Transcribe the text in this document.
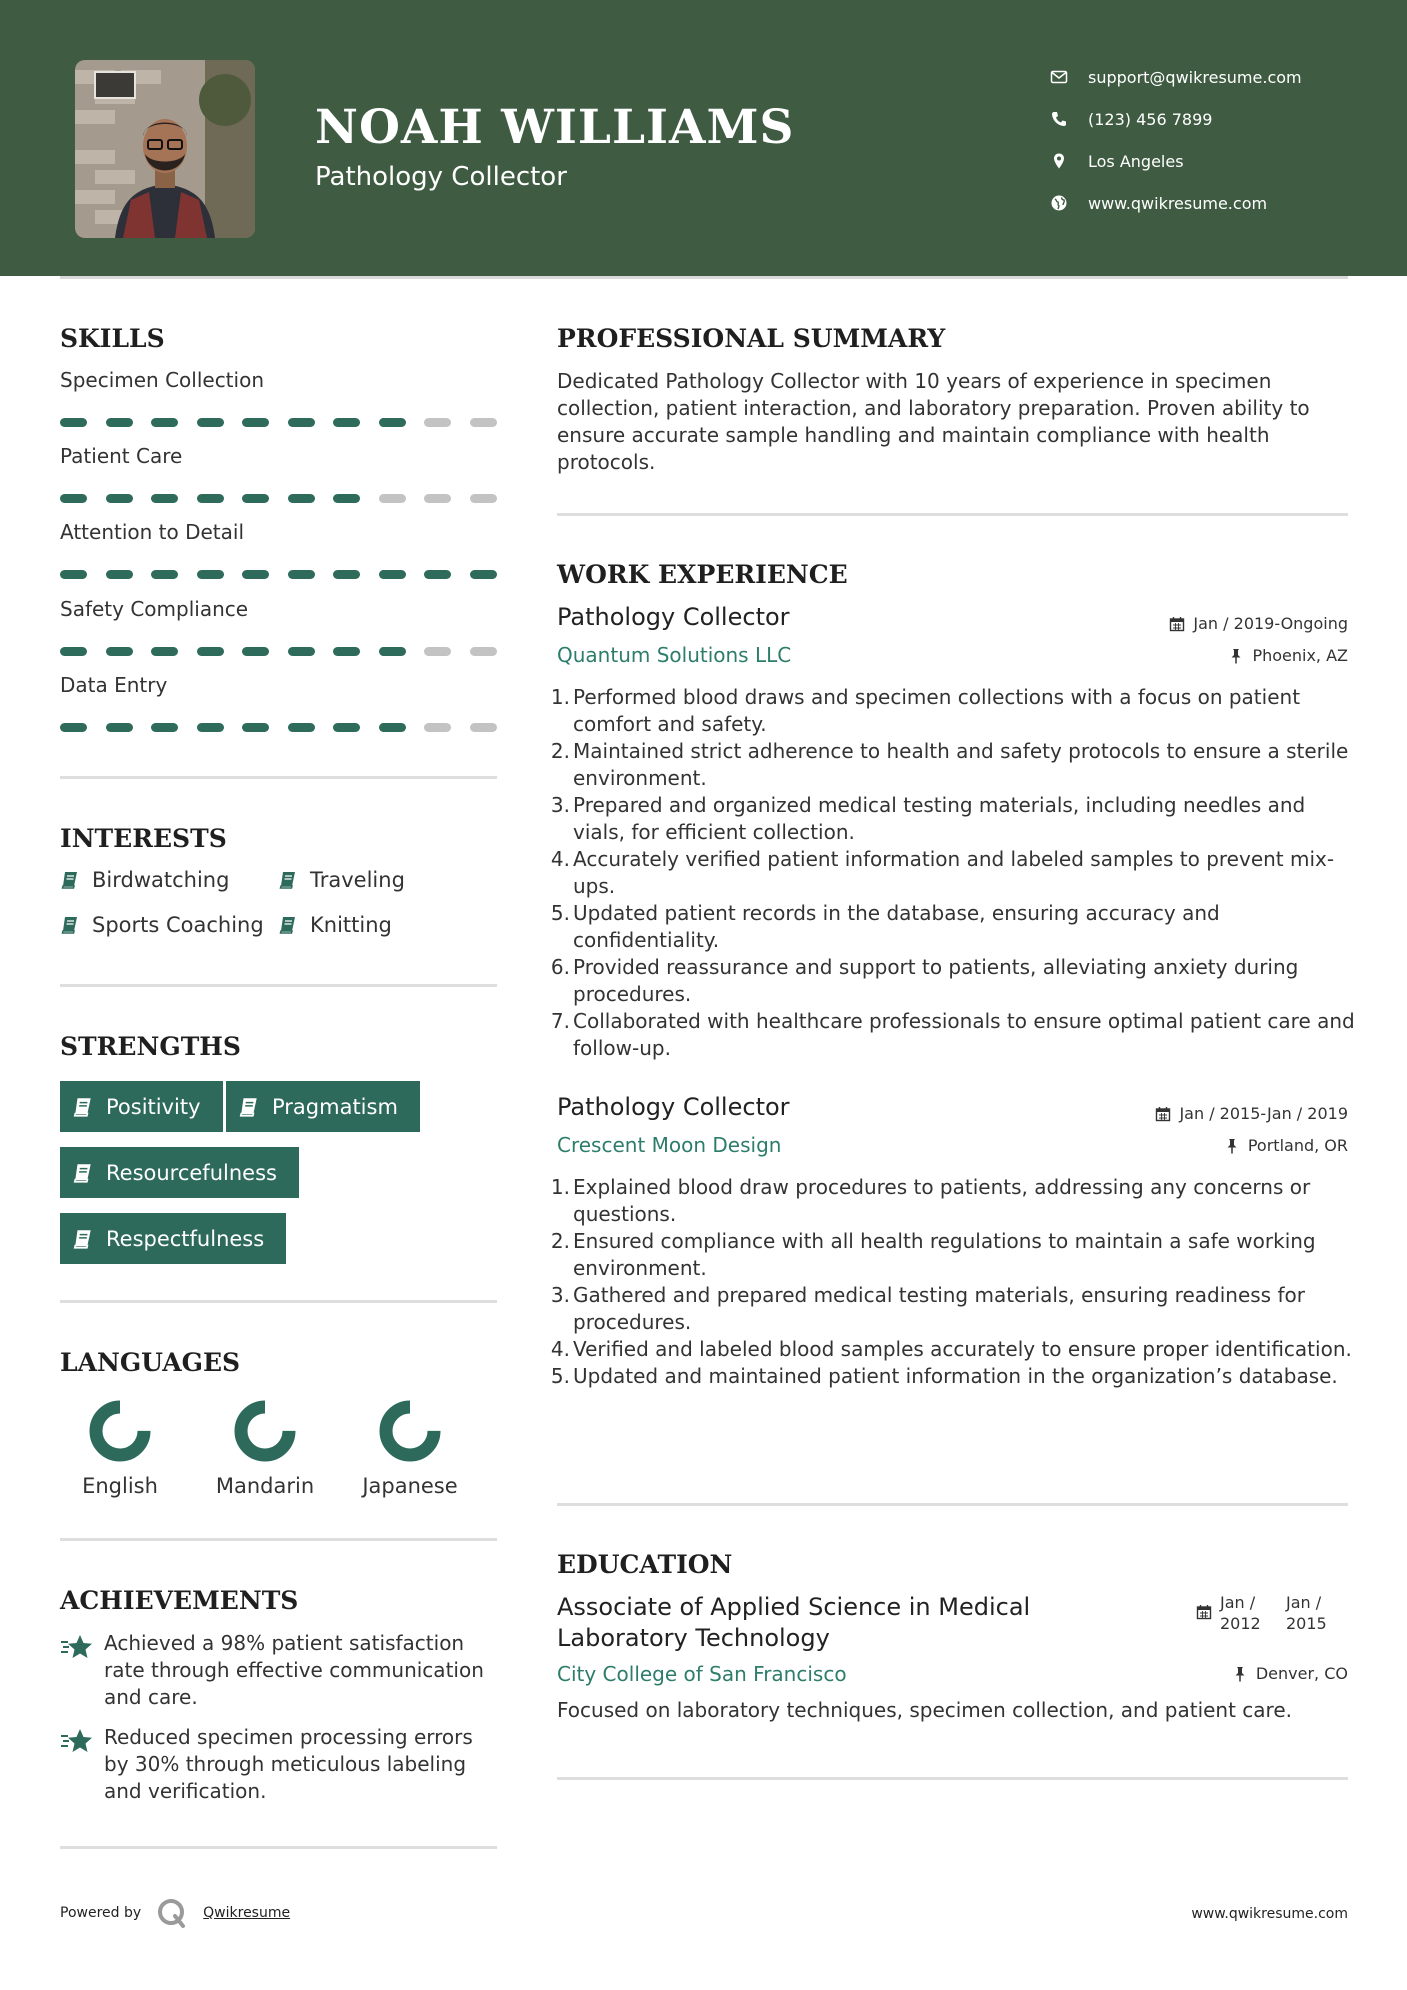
NOAH WILLIAMS
Pathology Collector
support@qwikresume.com
(123) 456 7899
Los Angeles
www.qwikresume.com
SKILLS
Specimen Collection
Patient Care
Attention to Detail
Safety Compliance
Data Entry
INTERESTS
Birdwatching	Traveling
Sports Coaching Knitting
STRENGTHS
Positivity	Pragmatism
Resourcefulness
Respectfulness
LANGUAGES
English	Mandarin	Japanese
ACHIEVEMENTS
Achieved a 98% patient satisfaction rate through effective communication and care.
Reduced specimen processing errors by 30% through meticulous labeling and verification.
PROFESSIONAL SUMMARY
Dedicated Pathology Collector with 10 years of experience in specimen collection, patient interaction, and laboratory preparation. Proven ability to ensure accurate sample handling and maintain compliance with health protocols.
WORK EXPERIENCE
Pathology Collector
Quantum Solutions LLC
Jan / 2019-Ongoing
Phoenix, AZ
1. Performed blood draws and specimen collections with a focus on patient comfort and safety.
2. Maintained strict adherence to health and safety protocols to ensure a sterile environment.
3. Prepared and organized medical testing materials, including needles and vials, for efficient collection.
4. Accurately verified patient information and labeled samples to prevent mix-ups.
5. Updated patient records in the database, ensuring accuracy and confidentiality.
6. Provided reassurance and support to patients, alleviating anxiety during procedures.
7. Collaborated with healthcare professionals to ensure optimal patient care and follow-up.
Pathology Collector
Crescent Moon Design
Jan / 2015-Jan / 2019
Portland, OR
1. Explained blood draw procedures to patients, addressing any concerns or questions.
2. Ensured compliance with all health regulations to maintain a safe working environment.
3. Gathered and prepared medical testing materials, ensuring readiness for procedures.
4. Verified and labeled blood samples accurately to ensure proper identification.
5. Updated and maintained patient information in the organization’s database.
EDUCATION
Associate of Applied Science in Medical Laboratory Technology
Jan / 2012
Jan / 2015
City College of San Francisco	Denver, CO
Focused on laboratory techniques, specimen collection, and patient care.
Powered by	Qwikresume	www.qwikresume.com
